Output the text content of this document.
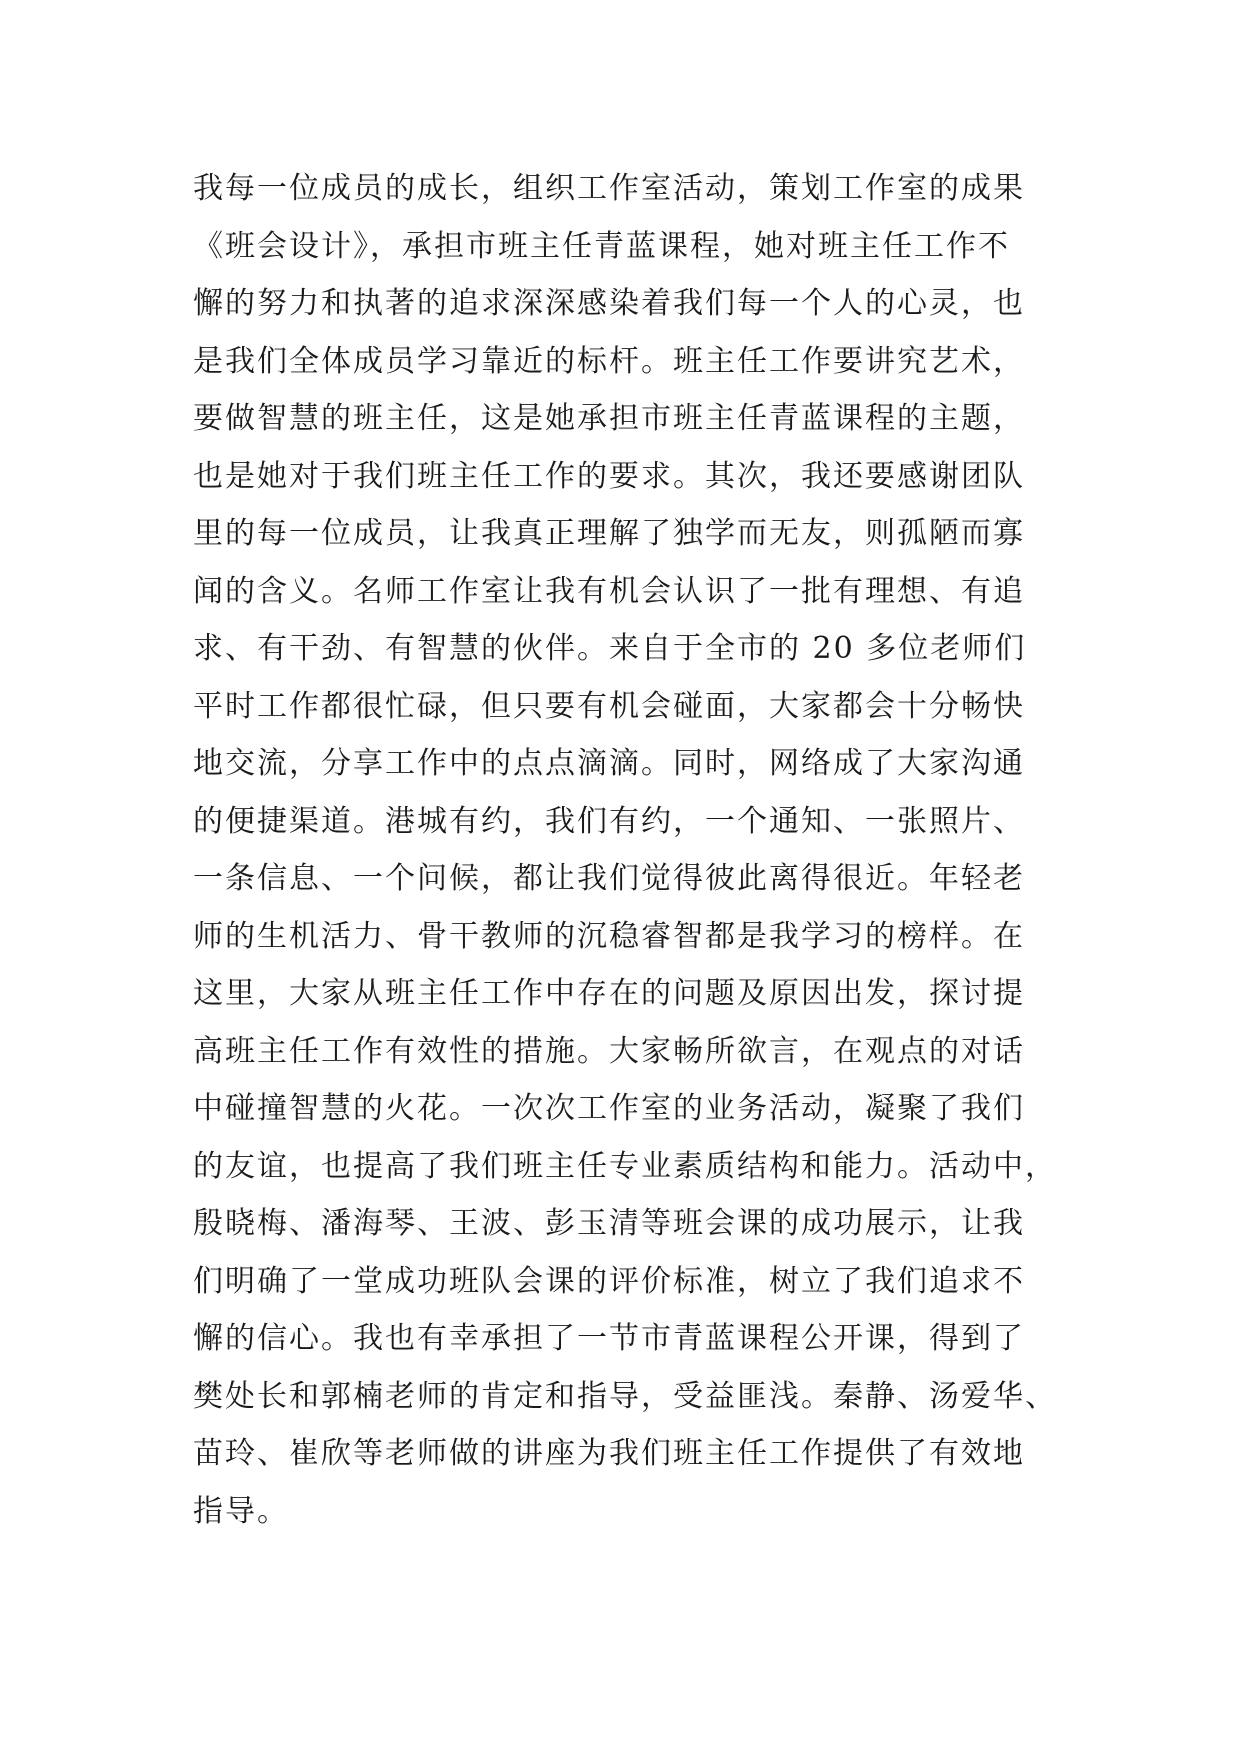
我每一位成员的成长，组织工作室活动，策划工作室的成果
《班会设计》，承担市班主任青蓝课程，她对班主任工作不
懈的努力和执著的追求深深感染着我们每一个人的心灵，也
是我们全体成员学习靠近的标杆。班主任工作要讲究艺术，
要做智慧的班主任，这是她承担市班主任青蓝课程的主题，
也是她对于我们班主任工作的要求。其次，我还要感谢团队
里的每一位成员，让我真正理解了独学而无友，则孤陋而寡
闻的含义。名师工作室让我有机会认识了一批有理想、有追
求、有干劲、有智慧的伙伴。来自于全市的 20 多位老师们
平时工作都很忙碌，但只要有机会碰面，大家都会十分畅快
地交流，分享工作中的点点滴滴。同时，网络成了大家沟通
的便捷渠道。港城有约，我们有约，一个通知、一张照片、
一条信息、一个问候，都让我们觉得彼此离得很近。年轻老
师的生机活力、骨干教师的沉稳睿智都是我学习的榜样。在
这里，大家从班主任工作中存在的问题及原因出发，探讨提
高班主任工作有效性的措施。大家畅所欲言，在观点的对话
中碰撞智慧的火花。一次次工作室的业务活动，凝聚了我们
的友谊，也提高了我们班主任专业素质结构和能力。活动中，
殷晓梅、潘海琴、王波、彭玉清等班会课的成功展示，让我
们明确了一堂成功班队会课的评价标准，树立了我们追求不
懈的信心。我也有幸承担了一节市青蓝课程公开课，得到了
樊处长和郭楠老师的肯定和指导，受益匪浅。秦静、汤爱华、
苗玲、崔欣等老师做的讲座为我们班主任工作提供了有效地
指导。
